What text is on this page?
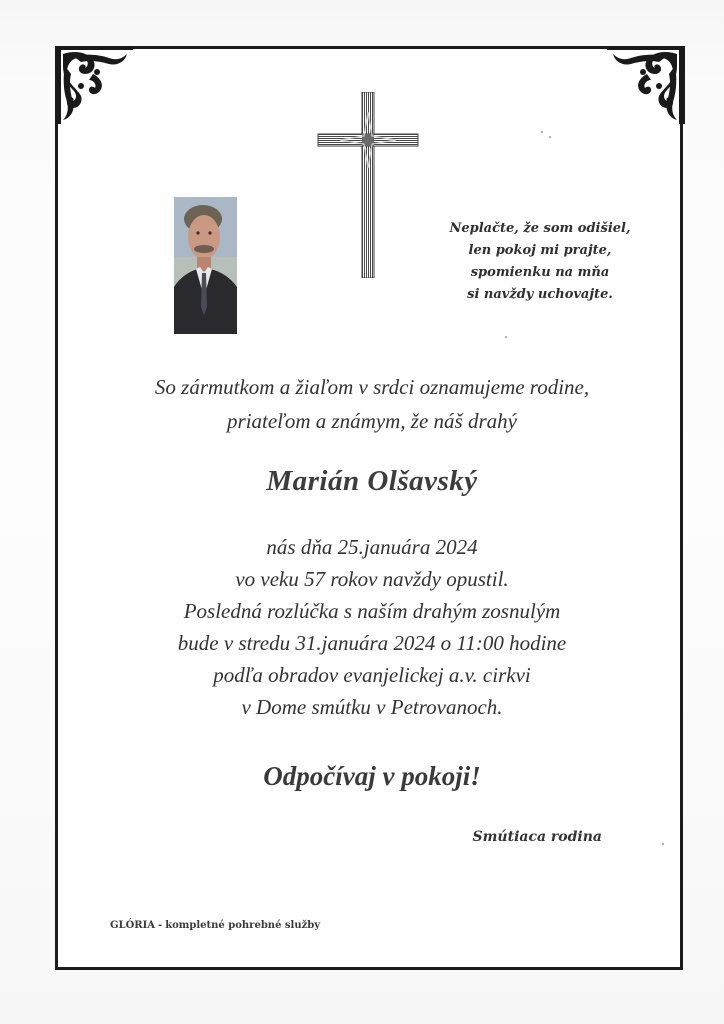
Neplačte, že som odišiel,
len pokoj mi prajte,
spomienku na mňa
si navždy uchovajte.
So zármutkom a žiaľom v srdci oznamujeme rodine,
priateľom a známym, že náš drahý
Marián Olšavský
nás dňa 25.januára 2024
vo veku 57 rokov navždy opustil.
Posledná rozlúčka s naším drahým zosnulým
bude v stredu 31.januára 2024 o 11:00 hodine
podľa obradov evanjelickej a.v. cirkvi
v Dome smútku v Petrovanoch.
Odpočívaj v pokoji!
Smútiaca rodina
GLÓRIA - kompletné pohrebné služby
